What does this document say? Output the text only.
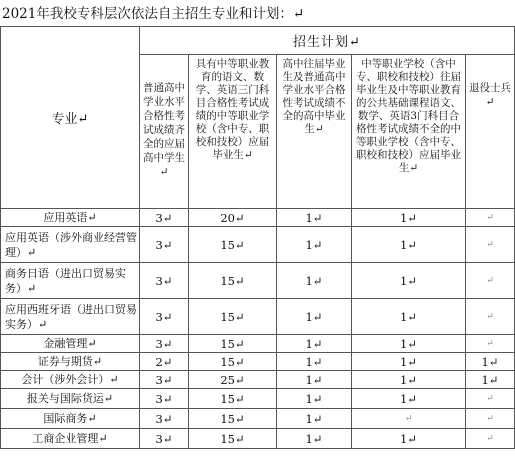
2021年我校专科层次依法自主招生专业和计划：↵
专业↵	招生计划↵				
	普通高中学业水平合格性考试成绩齐全的应届高中学生↵	具有中等职业教育的语文、数学、英语三门科目合格性考试成绩的中等职业学校（含中专、职校和技校）应届毕业生↵	高中往届毕业生及普通高中学业水平合格性考试成绩不全的高中毕业生↵	中等职业学校（含中专、职校和技校）往届毕业生及中等职业教育的公共基础课程语文、数学、英语3门科目合格性考试成绩不全的中等职业学校（含中专、职校和技校）应届毕业生↵	退役士兵↵
应用英语↵	3↵	20↵	1↵	1↵	↵
应用英语（涉外商业经营管理）↵	3↵	15↵	1↵	1↵	↵
商务日语（进出口贸易实务）↵	3↵	15↵	1↵	1↵	↵
应用西班牙语（进出口贸易实务）↵	3↵	15↵	1↵	1↵	↵
金融管理↵	3↵	15↵	1↵	1↵	↵
证券与期货↵	2↵	15↵	1↵	1↵	1↵
会计（涉外会计）↵	3↵	25↵	1↵	1↵	1↵
报关与国际货运↵	3↵	15↵	1↵	1↵	↵
国际商务↵	3↵	15↵	1↵	↵	↵
工商企业管理↵	3↵	15↵	1↵	1↵	↵
